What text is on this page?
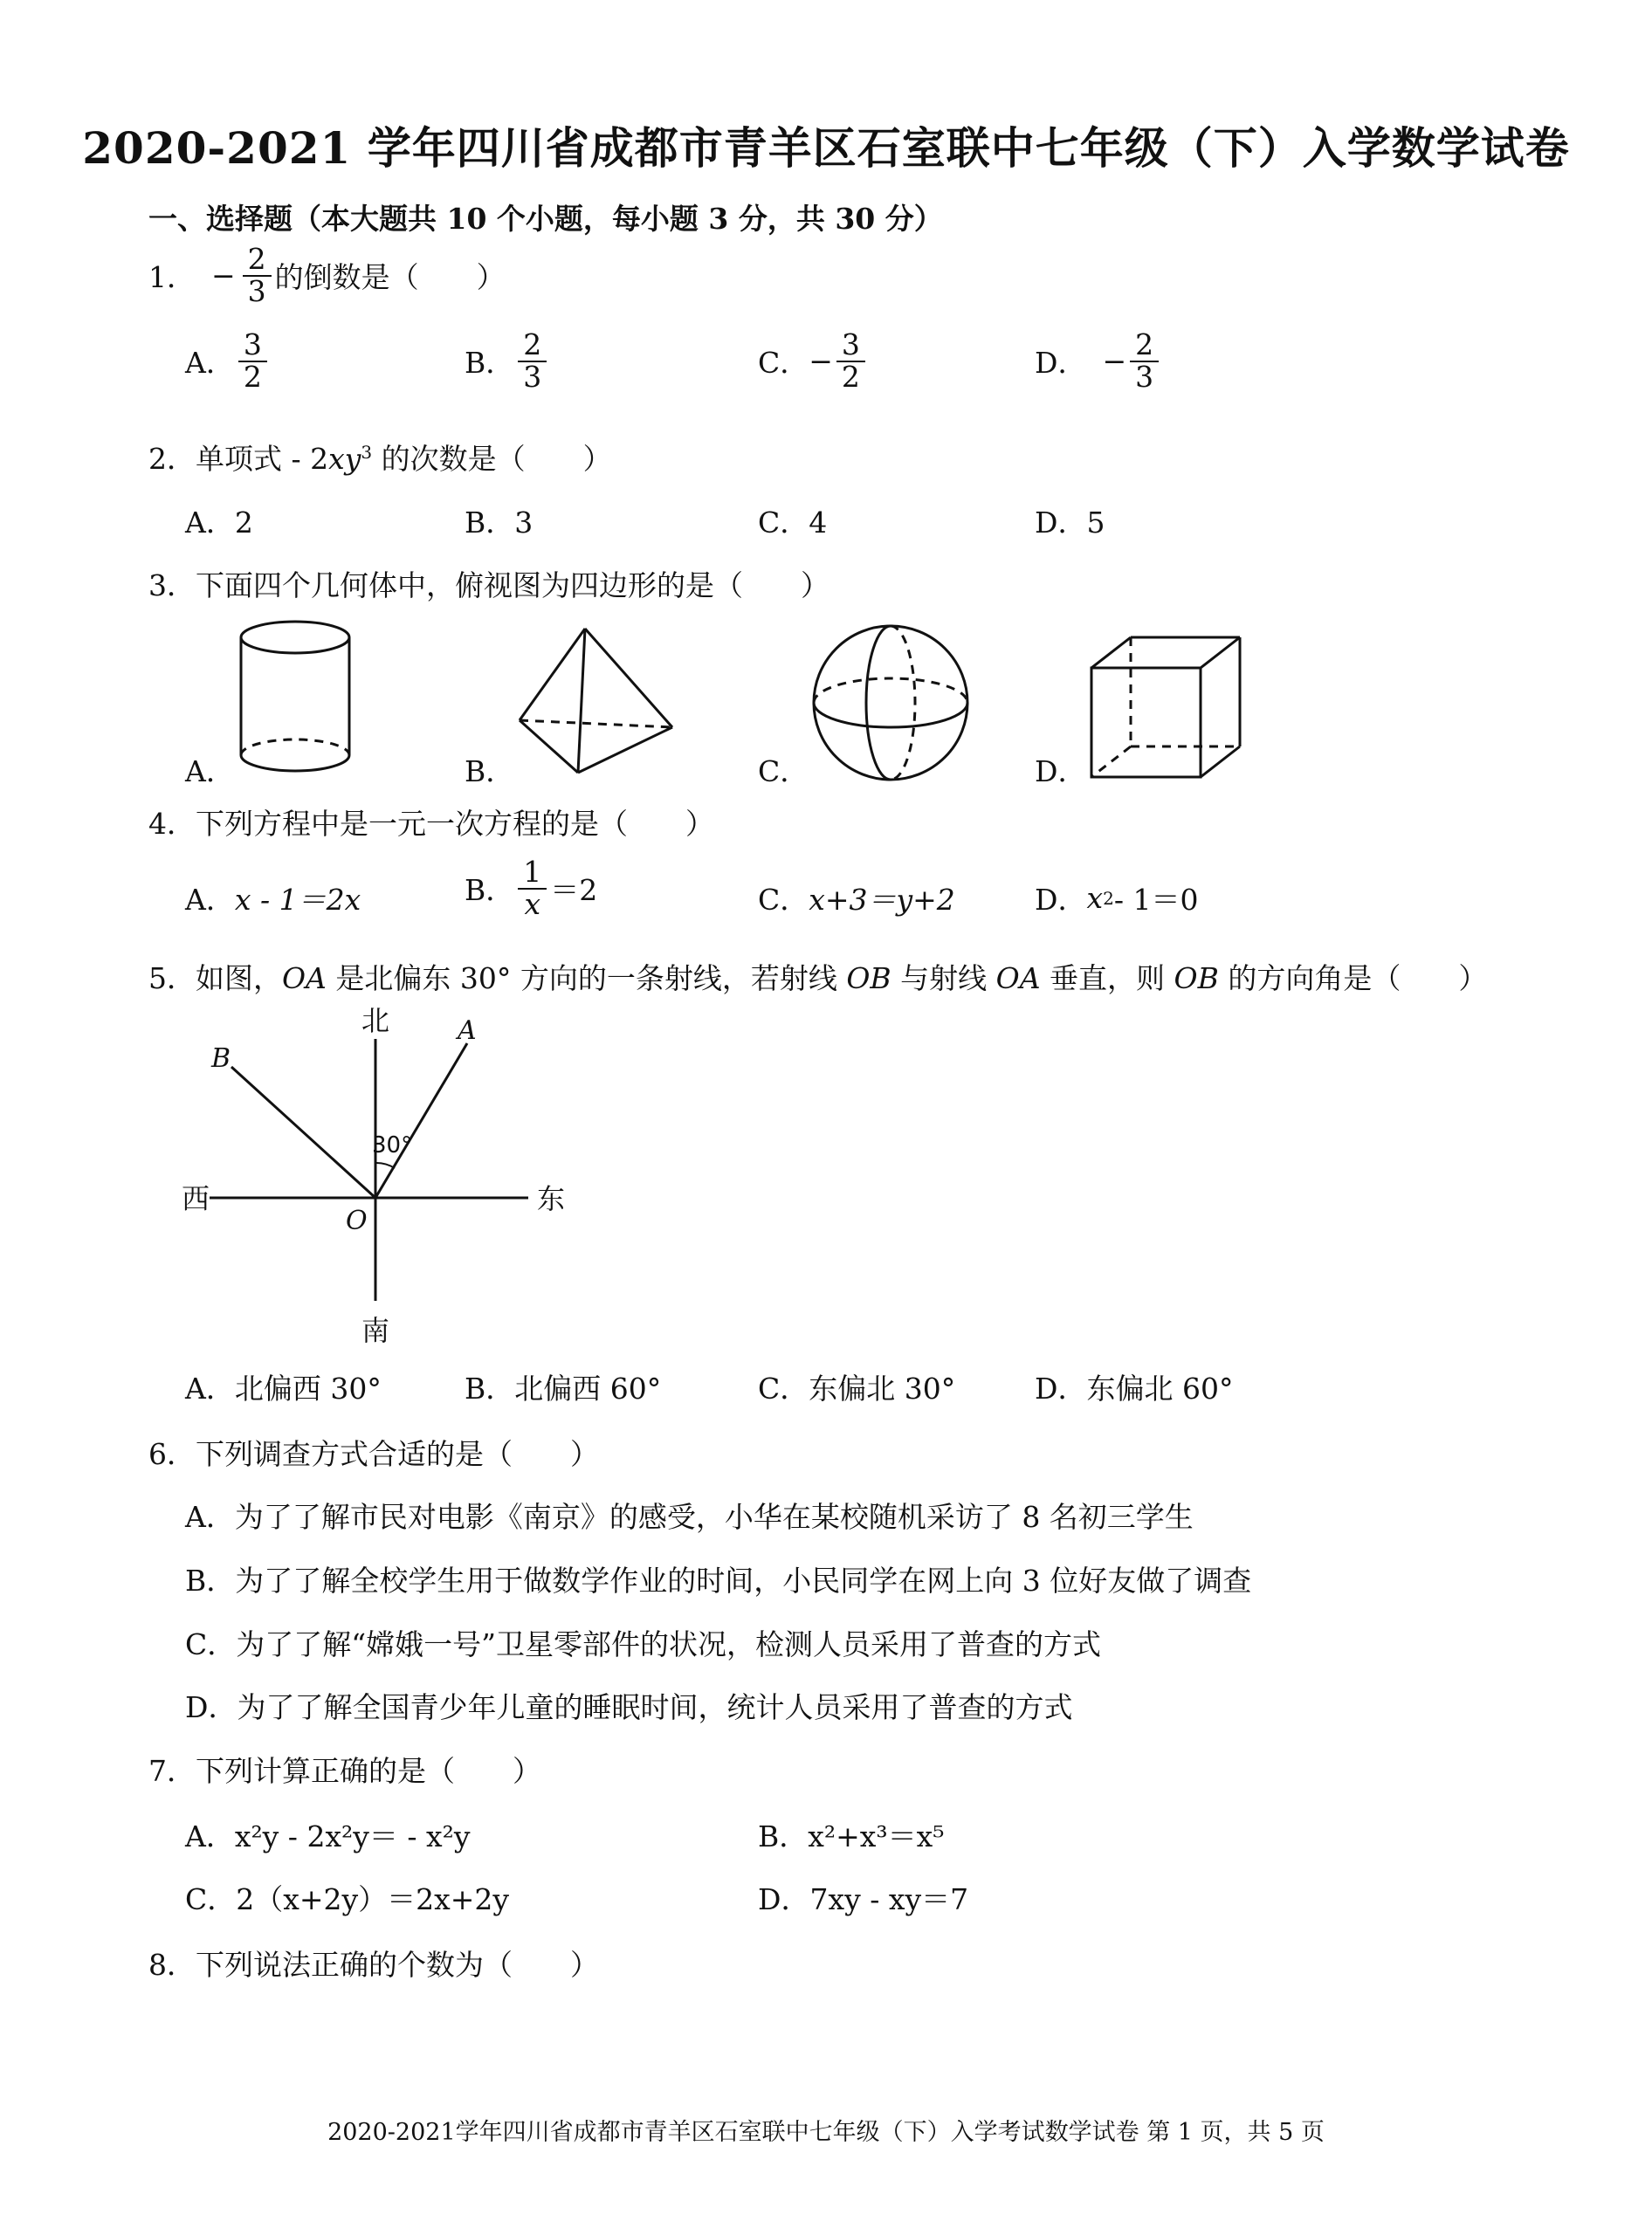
2020-2021 学年四川省成都市青羊区石室联中七年级（下）入学数学试卷
一、选择题（本大题共 10 个小题，每小题 3 分，共 30 分）
1． − $\frac{2}{3}$ 的倒数是（　　）
A． $\frac{3}{2}$	B． $\frac{2}{3}$	C． − $\frac{3}{2}$	D． − $\frac{2}{3}$
2．单项式 - $2xy^3$ 的次数是（　　）
A．2	B．3	C．4	D．5
3．下面四个几何体中，俯视图为四边形的是（　　）
A．	B．	C．	D．
4．下列方程中是一元一次方程的是（　　）
A． x - 1＝2x	B． $\frac{1}{x} =2$	C． x+3＝y+2	D． x 2 - 1＝0
5．如图，OA 是北偏东 30° 方向的一条射线，若射线 OB 与射线 OA 垂直，则 OB 的方向角是（　　）
北
南
西	东
A
B
O
30°
A．北偏西 30°	B．北偏西 60°	C．东偏北 30°	D．东偏北 60°
6．下列调查方式合适的是（　　）
A．为了了解市民对电影《南京》的感受，小华在某校随机采访了 8 名初三学生
B．为了了解全校学生用于做数学作业的时间，小民同学在网上向 3 位好友做了调查
C．为了了解“嫦娥一号”卫星零部件的状况，检测人员采用了普查的方式
D．为了了解全国青少年儿童的睡眠时间，统计人员采用了普查的方式
7．下列计算正确的是（　　）
A．x²y - 2x²y＝ - x²y	B．x²+x³＝x⁵
C．2（x+2y）＝2x+2y	D．7xy - xy＝7
8．下列说法正确的个数为（　　）
2020-2021学年四川省成都市青羊区石室联中七年级（下）入学考试数学试卷 第 1 页，共 5 页
